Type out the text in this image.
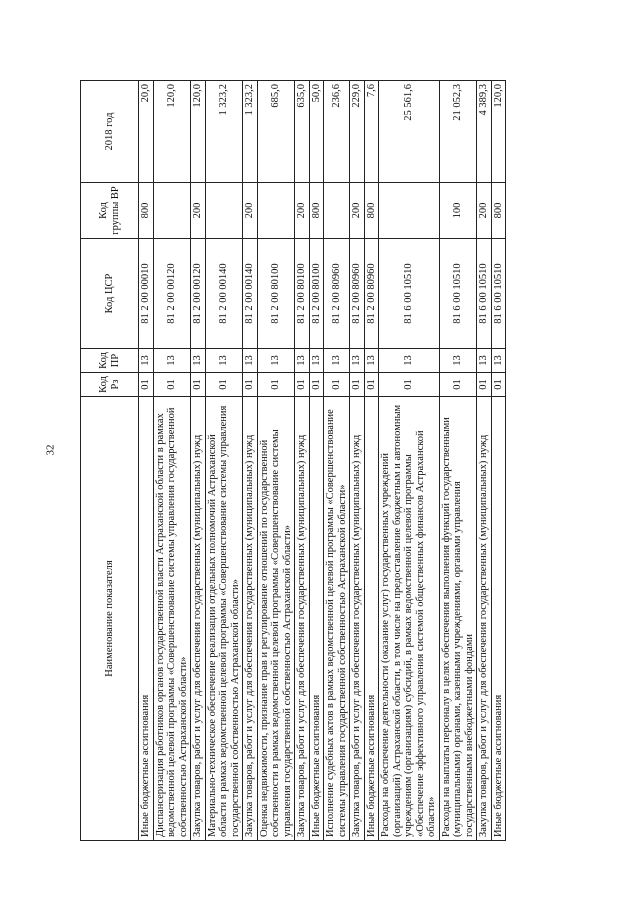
32
Наименование показателя	Код Рз	Код ПР	Код ЦСР	Код группы ВР	2018 год
Иные бюджетные ассигнования	01	13	81 2 00 00010	800	20,0
Диспансеризация работников органов государственной власти Астраханской области в рамках ведомственной целевой программы «Совершенствование системы управления государственной собственностью Астраханской области»	01	13	81 2 00 00120		120,0
Закупка товаров, работ и услуг для обеспечения государственных (муниципальных) нужд	01	13	81 2 00 00120	200	120,0
Материально-техническое обеспечение реализации отдельных полномочий Астраханской области в рамках ведомственной целевой программы «Совершенствование системы управления государственной собственностью Астраханской области»	01	13	81 2 00 00140		1 323,2
Закупка товаров, работ и услуг для обеспечения государственных (муниципальных) нужд	01	13	81 2 00 00140	200	1 323,2
Оценка недвижимости, признание прав и регулирование отношений по государственной собственности в рамках ведомственной целевой программы «Совершенствование системы управления государственной собственностью Астраханской области»	01	13	81 2 00 80100		685,0
Закупка товаров, работ и услуг для обеспечения государственных (муниципальных) нужд	01	13	81 2 00 80100	200	635,0
Иные бюджетные ассигнования	01	13	81 2 00 80100	800	50,0
Исполнение судебных актов в рамках ведомственной целевой программы «Совершенствование системы управления государственной собственностью Астраханской области»	01	13	81 2 00 80960		236,6
Закупка товаров, работ и услуг для обеспечения государственных (муниципальных) нужд	01	13	81 2 00 80960	200	229,0
Иные бюджетные ассигнования	01	13	81 2 00 80960	800	7,6
Расходы на обеспечение деятельности (оказание услуг) государственных учреждений (организаций) Астраханской области, в том числе на предоставление бюджетным и автономным учреждениям (организациям) субсидий, в рамках ведомственной целевой программы «Обеспечение эффективного управления системой общественных финансов Астраханской области»	01	13	81 6 00 10510		25 561,6
Расходы на выплаты персоналу в целях обеспечения выполнения функций государственными (муниципальными) органами, казенными учреждениями, органами управления государственными внебюджетными фондами	01	13	81 6 00 10510	100	21 052,3
Закупка товаров, работ и услуг для обеспечения государственных (муниципальных) нужд	01	13	81 6 00 10510	200	4 389,3
Иные бюджетные ассигнования	01	13	81 6 00 10510	800	120,0
